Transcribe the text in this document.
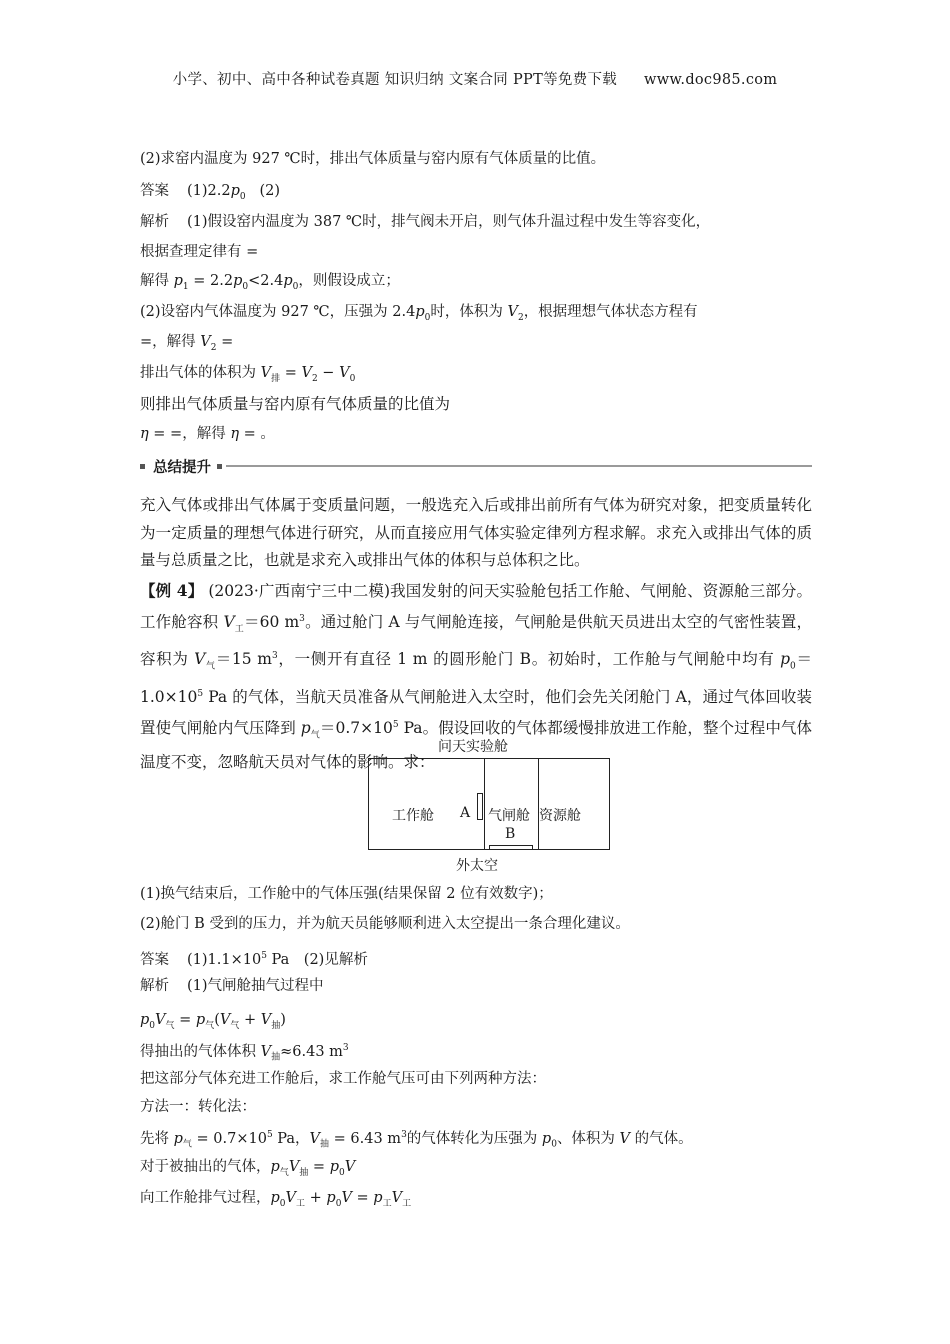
小学、初中、高中各种试卷真题 知识归纳 文案合同 PPT等免费下载 www.doc985.com
(2)求窑内温度为 927 ℃时，排出气体质量与窑内原有气体质量的比值。
答案 $(1)2.2p_0$ (2)
解析 (1)假设窑内温度为 387 ℃时，排气阀未开启，则气体升温过程中发生等容变化，
根据查理定律有 =
解得 $p_1 = 2.2p_0<2.4p_0$，则假设成立；
(2)设窑内气体温度为 927 ℃，压强为 $2.4p_0$时，体积为 $V_2$，根据理想气体状态方程有
=，解得 $V_2$ =
排出气体的体积为 $V_排 = V_2 - V_0$
则排出气体质量与窑内原有气体质量的比值为
η = =，解得 η = 。
总结提升
充入气体或排出气体属于变质量问题，一般选充入后或排出前所有气体为研究对象，把变质量转化为一定质量的理想气体进行研究，从而直接应用气体实验定律列方程求解。求充入或排出气体的质量与总质量之比，也就是求充入或排出气体的体积与总体积之比。
【例 4】 (2023·广西南宁三中二模)我国发射的问天实验舱包括工作舱、气闸舱、资源舱三部分。工作舱容积 $V_工=60$ $m^3$。通过舱门 A 与气闸舱连接，气闸舱是供航天员进出太空的气密性装置，容积为 $V_气=15$ $m^3$，一侧开有直径 1 m 的圆形舱门 B。初始时，工作舱与气闸舱中均有 $p_0=1.0\times 10^5$ Pa 的气体，当航天员准备从气闸舱进入太空时，他们会先关闭舱门 A，通过气体回收装置使气闸舱内气压降到 $p_气=0.7\times 10^5$ Pa。假设回收的气体都缓慢排放进工作舱，整个过程中气体温度不变，忽略航天员对气体的影响。求：
(1)换气结束后，工作舱中的气体压强(结果保留 2 位有效数字)；
(2)舱门 B 受到的压力，并为航天员能够顺利进入太空提出一条合理化建议。
答案 $(1)1.1\times 10^5$ Pa　(2)见解析
解析 (1)气闸舱抽气过程中
$p_0V_气 = p_气(V_气 + V_抽)$
得抽出的气体体积 $V_抽\approx 6.43$ $m^3$
把这部分气体充进工作舱后，求工作舱气压可由下列两种方法：
方法一：转化法：
先将 $p_气 = 0.7\times 10^5$ Pa，$V_抽 = 6.43$ $m^3$的气体转化为压强为 $p_0$、体积为 V 的气体。
对于被抽出的气体，$p_气V_抽 = p_0V$
向工作舱排气过程，$p_0V_工 + p_0V = p_工V_工$
问天实验舱
工作舱 A 气闸舱
B
资源舱
外太空
